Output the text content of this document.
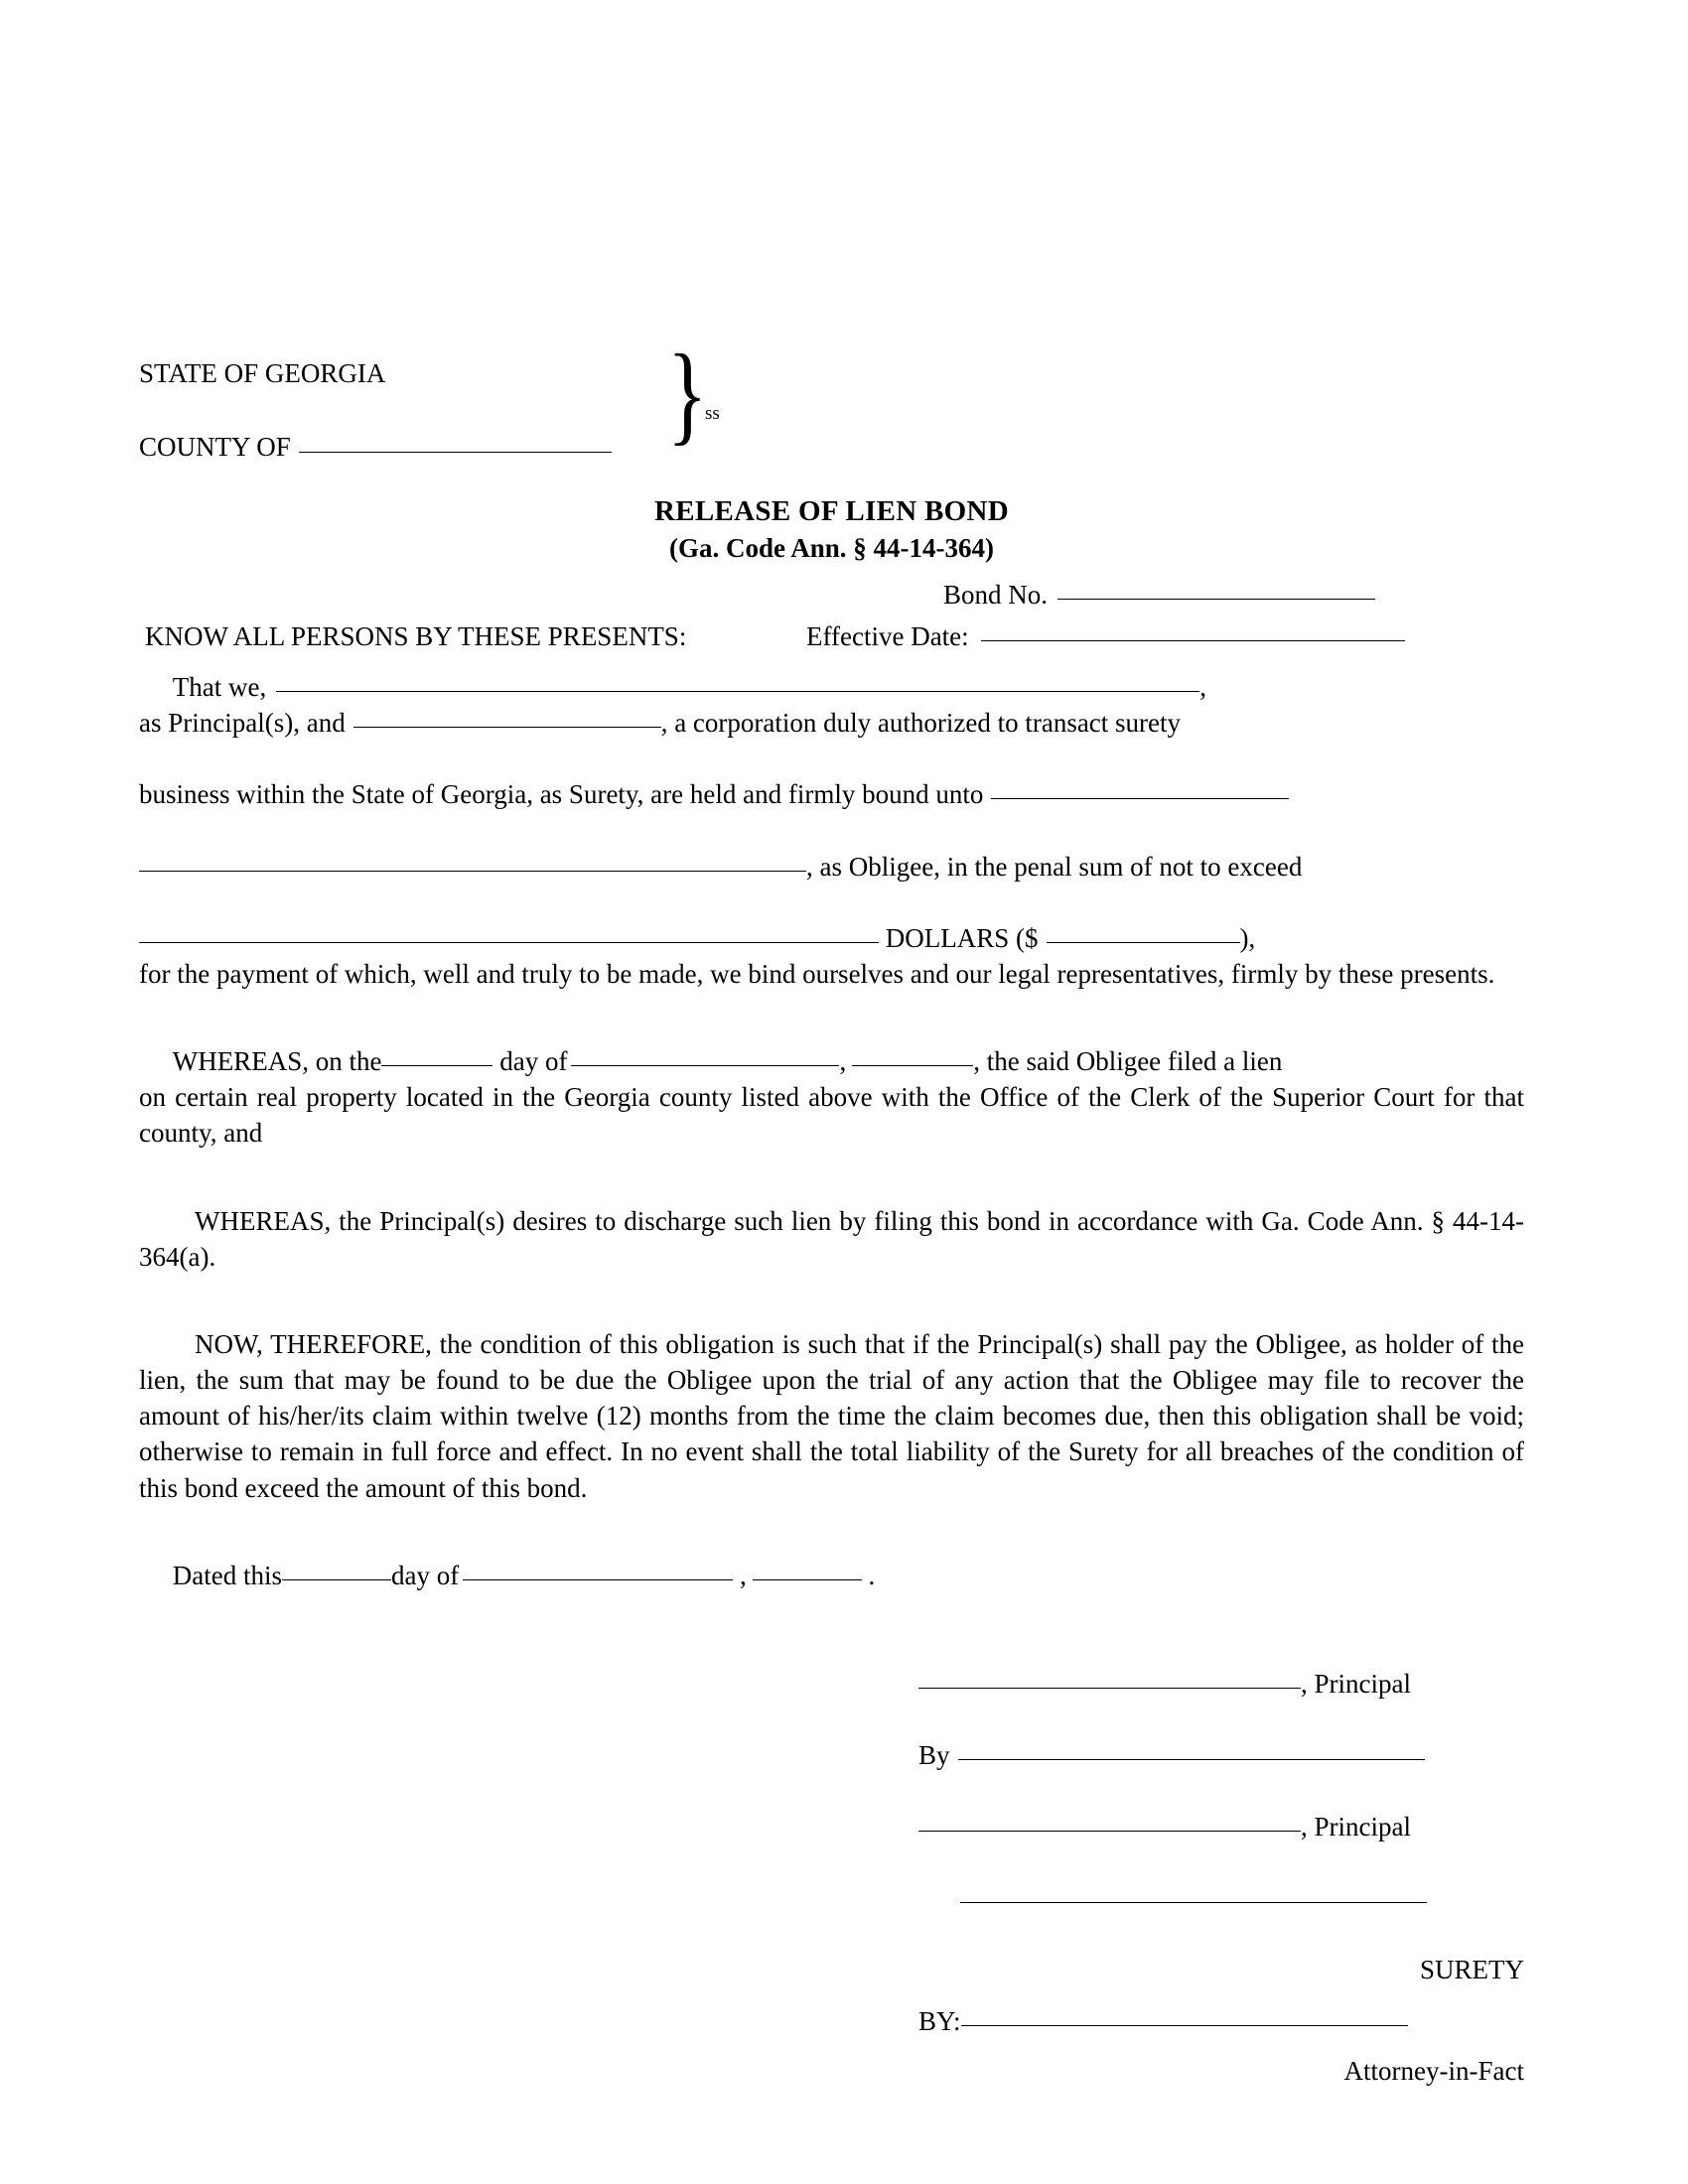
STATE OF GEORGIA
COUNTY OF	}
ss
RELEASE OF LIEN BOND
(Ga. Code Ann. § 44-14-364)
KNOW ALL PERSONS BY THESE PRESENTS:
Bond No.
Effective Date:
That we,	,
as Principal(s), and	, a corporation duly authorized to transact surety
business within the State of Georgia, as Surety, are held and firmly bound unto
, as Obligee, in the penal sum of not to exceed
DOLLARS ($	),

for the payment of which, well and truly to be made, we bind ourselves and our legal representatives, firmly by these presents.

WHEREAS, on the	day of	,	, the said Obligee filed a lien

on certain real property located in the Georgia county listed above with the Office of the Clerk of the Superior Court for that county, and

WHEREAS, the Principal(s) desires to discharge such lien by filing this bond in accordance with Ga. Code Ann. § 44-14-364(a).

NOW, THEREFORE, the condition of this obligation is such that if the Principal(s) shall pay the Obligee, as holder of the lien, the sum that may be found to be due the Obligee upon the trial of any action that the Obligee may file to recover the amount of his/her/its claim within twelve (12) months from the time the claim becomes due, then this obligation shall be void; otherwise to remain in full force and effect. In no event shall the total liability of the Surety for all breaches of the condition of this bond exceed the amount of this bond.

Dated this	day of	,	.
, Principal
By
, Principal
SURETY
BY:
Attorney-in-Fact
